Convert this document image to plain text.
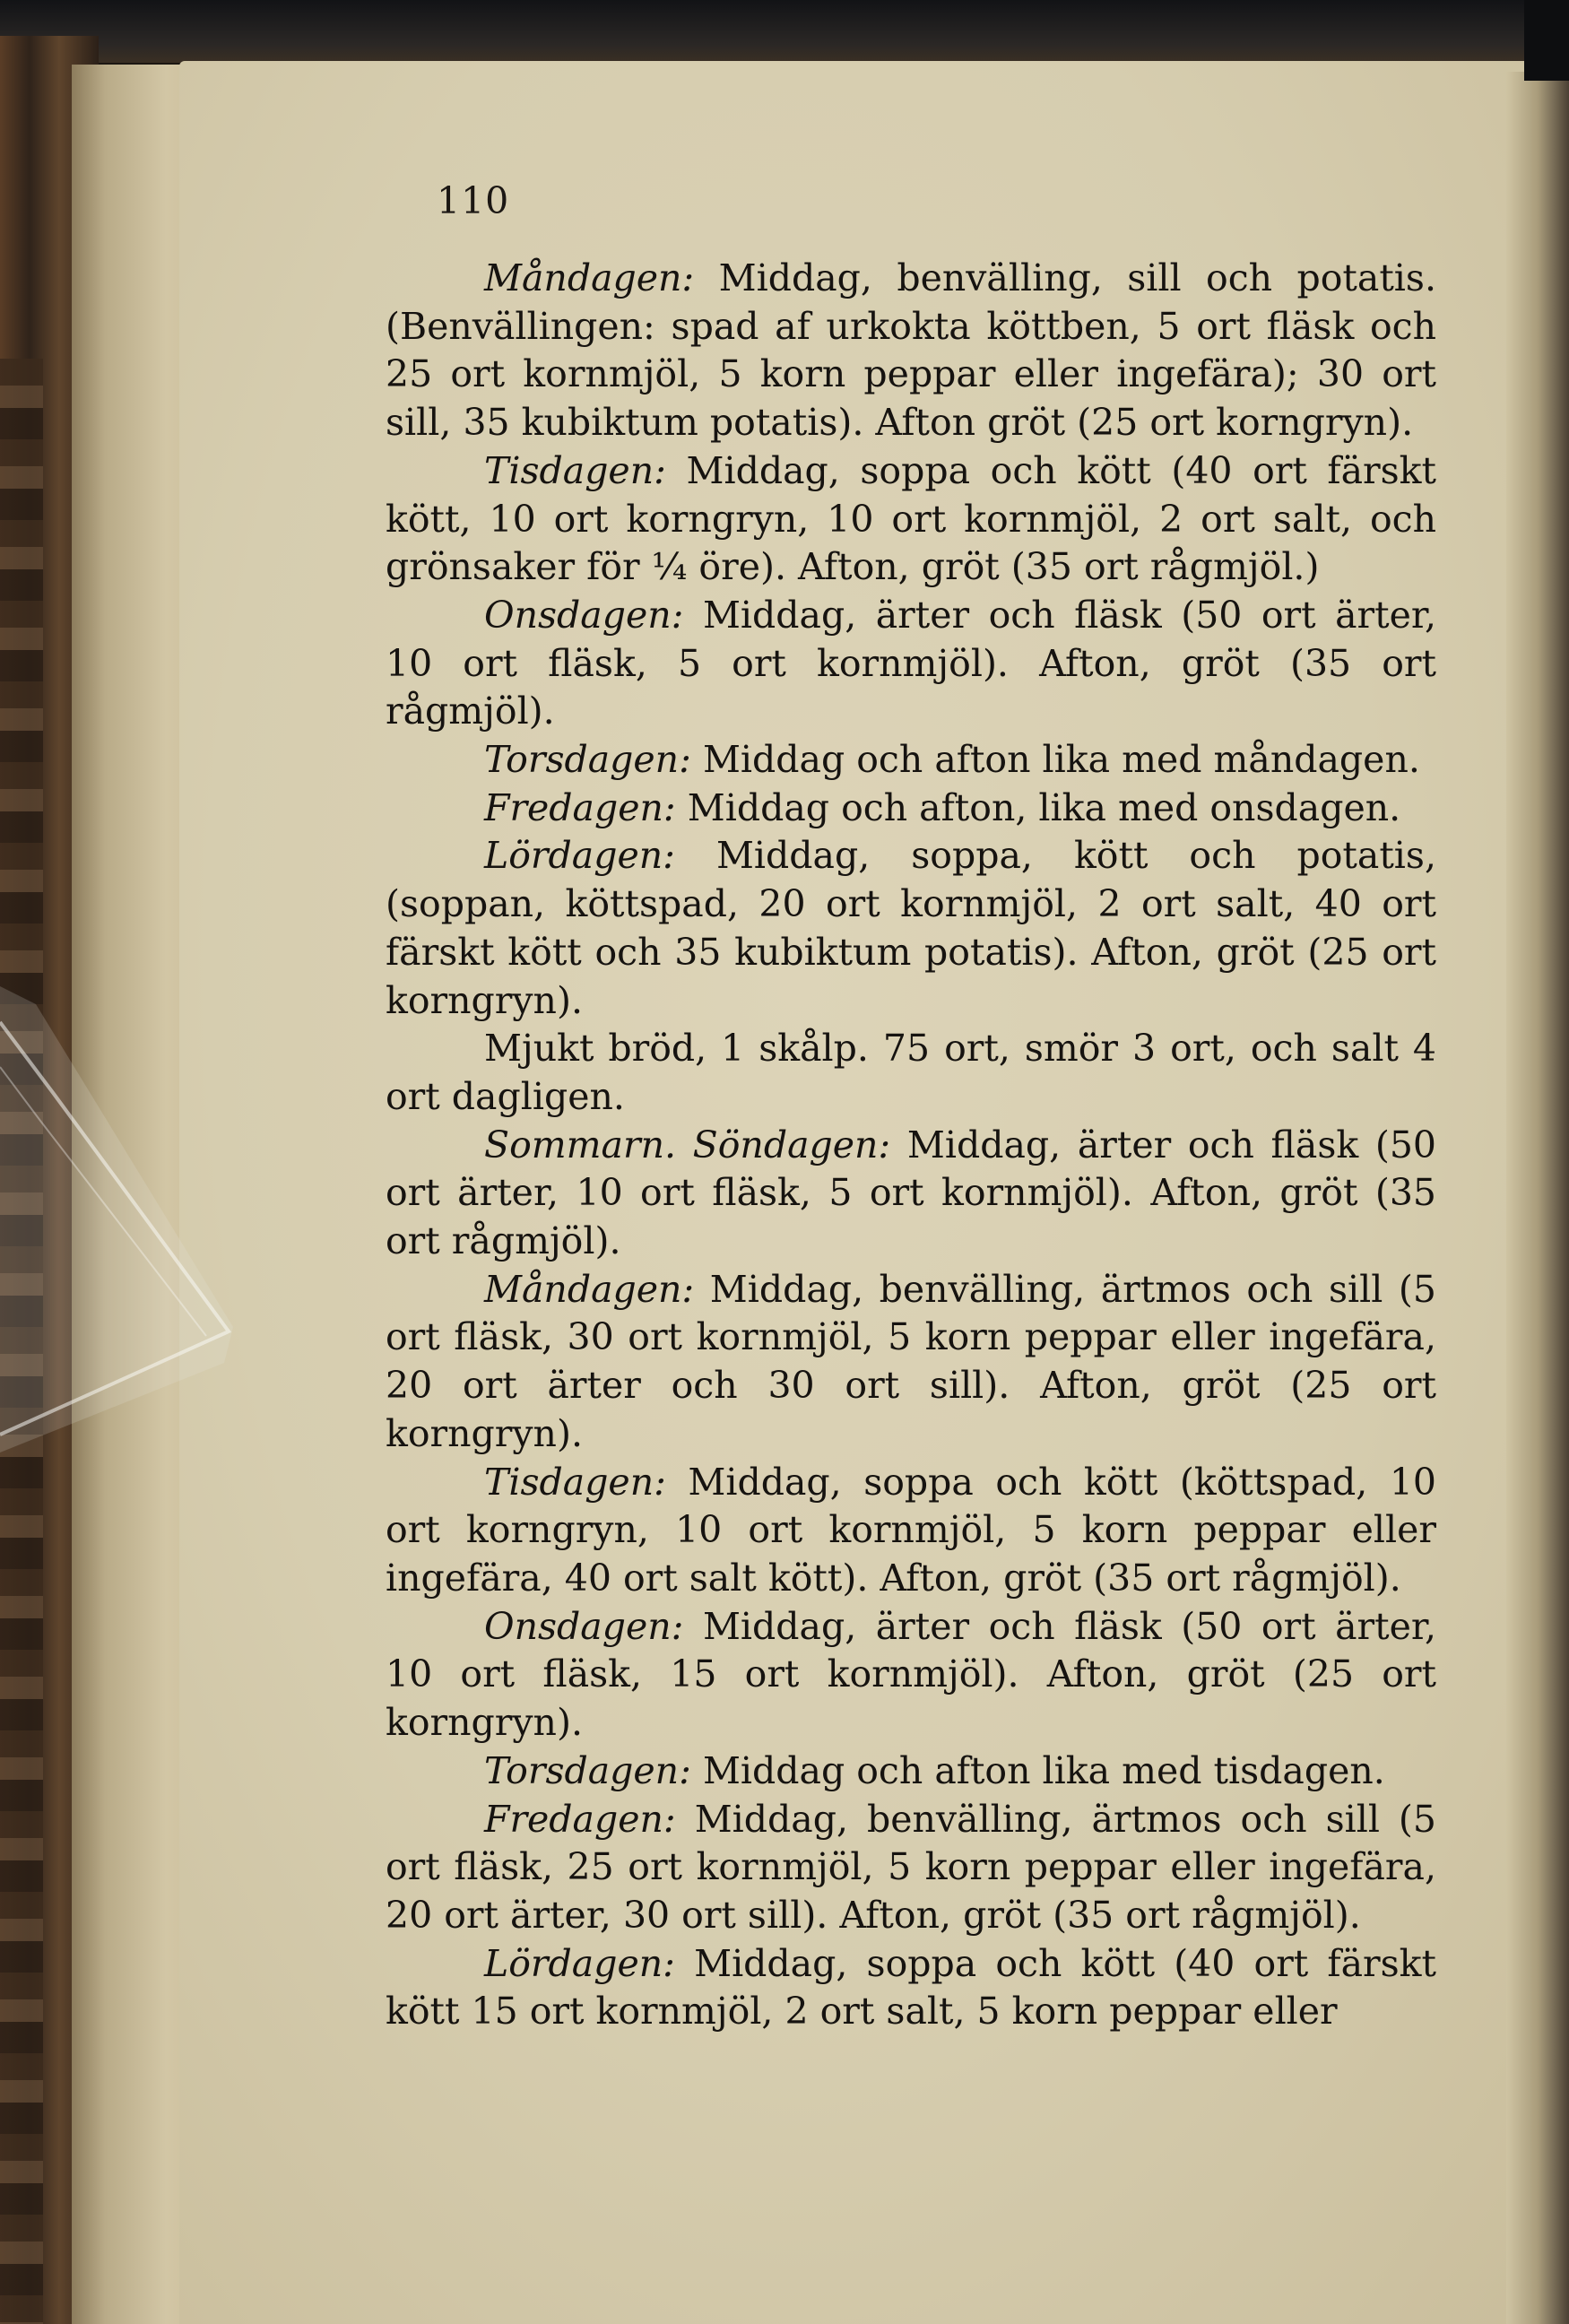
110

Måndagen: Middag, benvälling, sill och potatis. (Benvällingen: spad af urkokta köttben, 5 ort fläsk och 25 ort kornmjöl, 5 korn peppar eller ingefära); 30 ort sill, 35 kubiktum potatis). Afton gröt (25 ort korngryn).

Tisdagen: Middag, soppa och kött (40 ort färskt kött, 10 ort korngryn, 10 ort kornmjöl, 2 ort salt, och grönsaker för ¼ öre). Afton, gröt (35 ort rågmjöl.)

Onsdagen: Middag, ärter och fläsk (50 ort ärter, 10 ort fläsk, 5 ort kornmjöl). Afton, gröt (35 ort rågmjöl).

Torsdagen: Middag och afton lika med måndagen.

Fredagen: Middag och afton, lika med onsdagen.

Lördagen: Middag, soppa, kött och potatis, (soppan, köttspad, 20 ort kornmjöl, 2 ort salt, 40 ort färskt kött och 35 kubiktum potatis). Afton, gröt (25 ort korngryn).

Mjukt bröd, 1 skålp. 75 ort, smör 3 ort, och salt 4 ort dagligen.

Sommarn. Söndagen: Middag, ärter och fläsk (50 ort ärter, 10 ort fläsk, 5 ort kornmjöl). Afton, gröt (35 ort rågmjöl).

Måndagen: Middag, benvälling, ärtmos och sill (5 ort fläsk, 30 ort kornmjöl, 5 korn peppar eller ingefära, 20 ort ärter och 30 ort sill). Afton, gröt (25 ort korngryn).

Tisdagen: Middag, soppa och kött (köttspad, 10 ort korngryn, 10 ort kornmjöl, 5 korn peppar eller ingefära, 40 ort salt kött). Afton, gröt (35 ort rågmjöl).

Onsdagen: Middag, ärter och fläsk (50 ort ärter, 10 ort fläsk, 15 ort kornmjöl). Afton, gröt (25 ort korngryn).

Torsdagen: Middag och afton lika med tisdagen.

Fredagen: Middag, benvälling, ärtmos och sill (5 ort fläsk, 25 ort kornmjöl, 5 korn peppar eller ingefära, 20 ort ärter, 30 ort sill). Afton, gröt (35 ort rågmjöl).

Lördagen: Middag, soppa och kött (40 ort färskt kött 15 ort kornmjöl, 2 ort salt, 5 korn peppar eller
